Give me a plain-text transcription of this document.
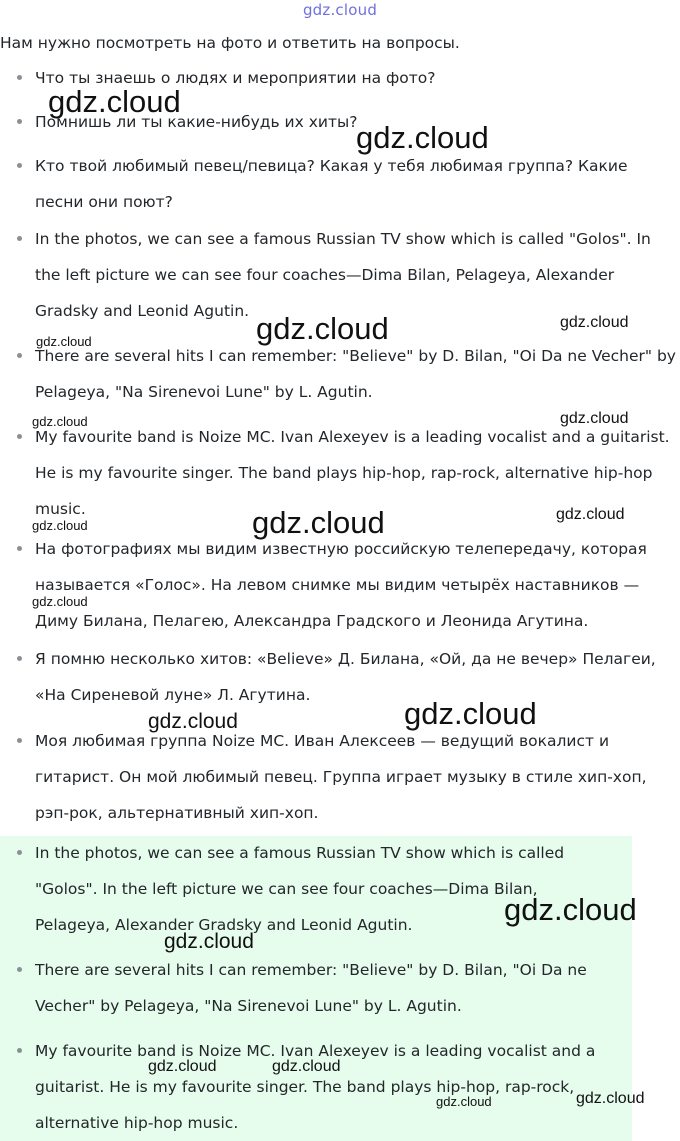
gdz.cloud
Нам нужно посмотреть на фото и ответить на вопросы.
Что ты знаешь о людях и мероприятии на фото?
Помнишь ли ты какие-нибудь их хиты?
Кто твой любимый певец/певица? Какая у тебя любимая группа? Какие песни они поют?
In the photos, we can see a famous Russian TV show which is called "Golos". In the left picture we can see four coaches—Dima Bilan, Pelageya, Alexander Gradsky and Leonid Agutin.
There are several hits I can remember: "Believe" by D. Bilan, "Oi Da ne Vecher" by Pelageya, "Na Sirenevoi Lune" by L. Agutin.
My favourite band is Noize MC. Ivan Alexeyev is a leading vocalist and a guitarist. He is my favourite singer. The band plays hip-hop, rap-rock, alternative hip-hop music.
На фотографиях мы видим известную российскую телепередачу, которая называется «Голос». На левом снимке мы видим четырёх наставников — Диму Билана, Пелагею, Александра Градского и Леонида Агутина.
Я помню несколько хитов: «Believe» Д. Билана, «Ой, да не вечер» Пелагеи, «На Сиреневой луне» Л. Агутина.
Моя любимая группа Noize MC. Иван Алексеев — ведущий вокалист и гитарист. Он мой любимый певец. Группа играет музыку в стиле хип-хоп, рэп-рок, альтернативный хип-хоп.
In the photos, we can see a famous Russian TV show which is called "Golos". In the left picture we can see four coaches—Dima Bilan, Pelageya, Alexander Gradsky and Leonid Agutin.
There are several hits I can remember: "Believe" by D. Bilan, "Oi Da ne Vecher" by Pelageya, "Na Sirenevoi Lune" by L. Agutin.
My favourite band is Noize MC. Ivan Alexeyev is a leading vocalist and a guitarist. He is my favourite singer. The band plays hip-hop, rap-rock, alternative hip-hop music.
gdz.cloud
gdz.cloud
gdz.cloud	gdz.cloud
gdz.cloud
gdz.cloud	gdz.cloud
gdz.cloud	gdz.cloud
gdz.cloud
gdz.cloud
gdz.cloud	gdz.cloud
gdz.cloud
gdz.cloud
gdz.cloud	gdz.cloud
gdz.cloud	gdz.cloud
